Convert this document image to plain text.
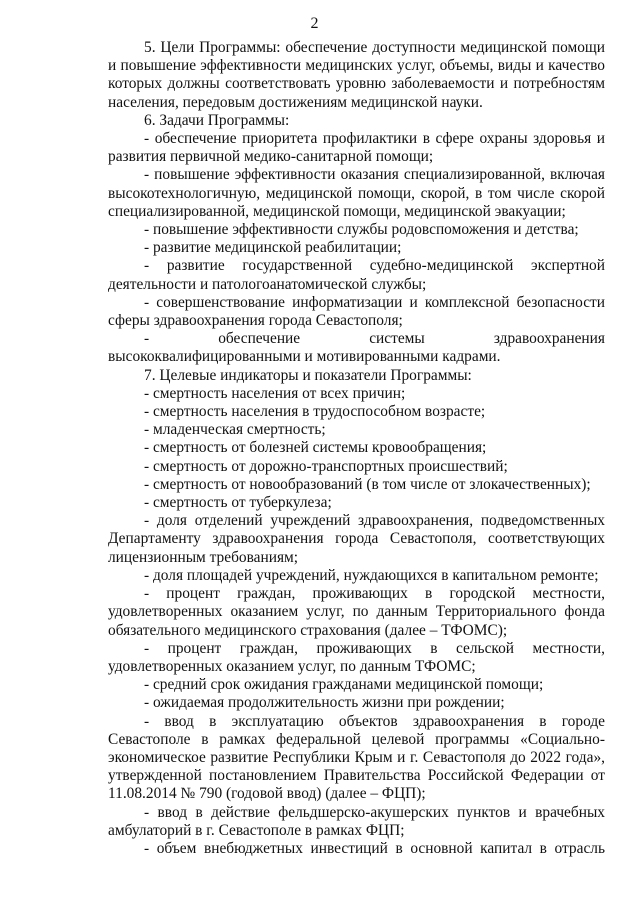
2

5. Цели Программы: обеспечение доступности медицинской помощи и повышение эффективности медицинских услуг, объемы, виды и качество которых должны соответствовать уровню заболеваемости и потребностям населения, передовым достижениям медицинской науки.

6. Задачи Программы:

- обеспечение приоритета профилактики в сфере охраны здоровья и развития первичной медико-санитарной помощи;

- повышение эффективности оказания специализированной, включая высокотехнологичную, медицинской помощи, скорой, в том числе скорой специализированной, медицинской помощи, медицинской эвакуации;

- повышение эффективности службы родовспоможения и детства;

- развитие медицинской реабилитации;

- развитие государственной судебно-медицинской экспертной деятельности и патологоанатомической службы;

- совершенствование информатизации и комплексной безопасности сферы здравоохранения города Севастополя;

- обеспечение системы здравоохранения высококвалифицированными и мотивированными кадрами.

7. Целевые индикаторы и показатели Программы:

- смертность населения от всех причин;

- смертность населения в трудоспособном возрасте;

- младенческая смертность;

- смертность от болезней системы кровообращения;

- смертность от дорожно-транспортных происшествий;

- смертность от новообразований (в том числе от злокачественных);

- смертность от туберкулеза;

- доля отделений учреждений здравоохранения, подведомственных Департаменту здравоохранения города Севастополя, соответствующих лицензионным требованиям;

- доля площадей учреждений, нуждающихся в капитальном ремонте;

- процент граждан, проживающих в городской местности, удовлетворенных оказанием услуг, по данным Территориального фонда обязательного медицинского страхования (далее – ТФОМС);

- процент граждан, проживающих в сельской местности, удовлетворенных оказанием услуг, по данным ТФОМС;

- средний срок ожидания гражданами медицинской помощи;

- ожидаемая продолжительность жизни при рождении;

- ввод в эксплуатацию объектов здравоохранения в городе Севастополе в рамках федеральной целевой программы «Социально-экономическое развитие Республики Крым и г. Севастополя до 2022 года», утвержденной постановлением Правительства Российской Федерации от 11.08.2014 № 790 (годовой ввод) (далее – ФЦП);

- ввод в действие фельдшерско-акушерских пунктов и врачебных амбулаторий в г. Севастополе в рамках ФЦП;

- объем внебюджетных инвестиций в основной капитал в отрасль
